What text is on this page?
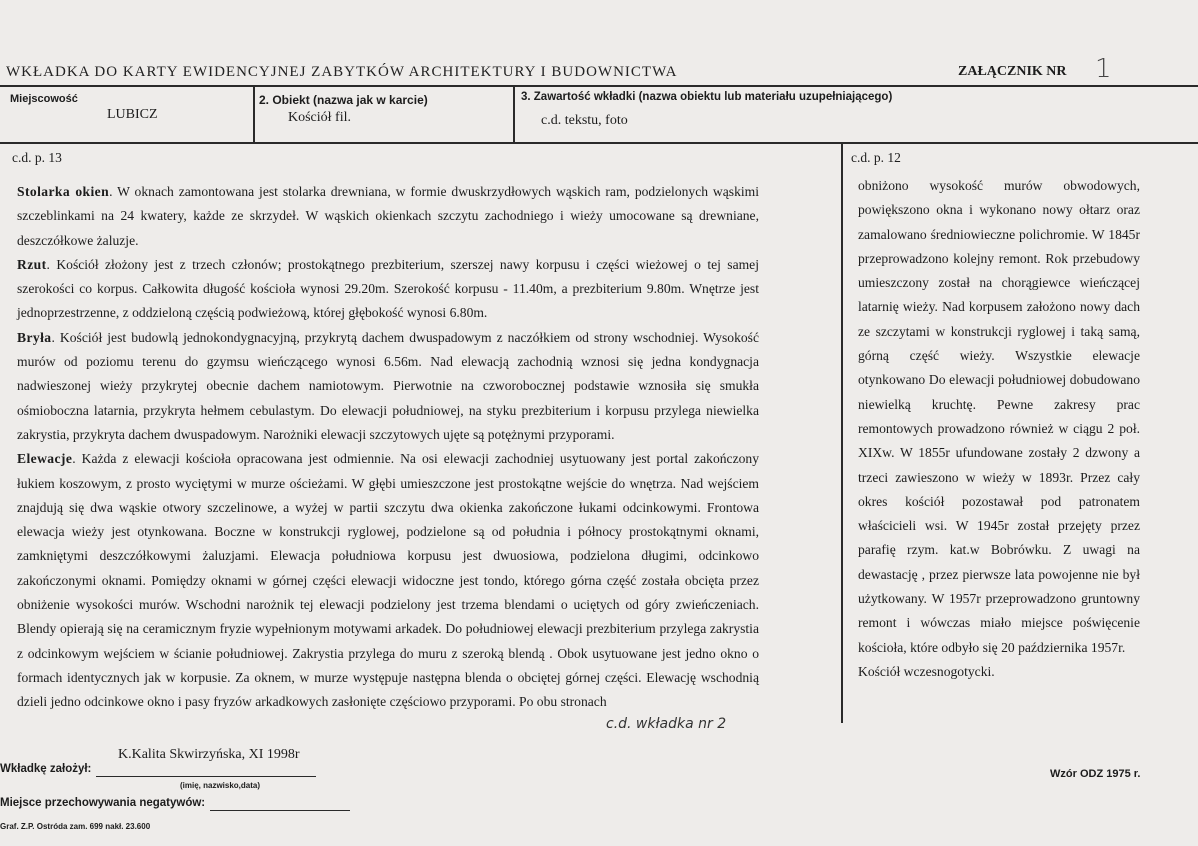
WKŁADKA DO KARTY EWIDENCYJNEJ ZABYTKÓW ARCHITEKTURY I BUDOWNICTWA	ZAŁĄCZNIK NR 1
Miejscowość
LUBICZ
2. Obiekt (nazwa jak w karcie)
Kościół fil.
3. Zawartość wkładki (nazwa obiektu lub materiału uzupełniającego)
c.d. tekstu, foto
c.d. p. 13

Stolarka okien. W oknach zamontowana jest stolarka drewniana, w formie dwuskrzydłowych wąskich ram, podzielonych wąskimi szczeblinkami na 24 kwatery, każde ze skrzydeł. W wąskich okienkach szczytu zachodniego i wieży umocowane są drewniane, deszczółkowe żaluzje.

Rzut. Kościół złożony jest z trzech członów; prostokątnego prezbiterium, szerszej nawy korpusu i części wieżowej o tej samej szerokości co korpus. Całkowita długość kościoła wynosi 29.20m. Szerokość korpusu - 11.40m, a prezbiterium 9.80m. Wnętrze jest jednoprzestrzenne, z oddzieloną częścią podwieżową, której głębokość wynosi 6.80m.

Bryła. Kościół jest budowlą jednokondygnacyjną, przykrytą dachem dwuspadowym z naczółkiem od strony wschodniej. Wysokość murów od poziomu terenu do gzymsu wieńczącego wynosi 6.56m. Nad elewacją zachodnią wznosi się jedna kondygnacja nadwieszonej wieży przykrytej obecnie dachem namiotowym. Pierwotnie na czworobocznej podstawie wznosiła się smukła ośmioboczna latarnia, przykryta hełmem cebulastym. Do elewacji południowej, na styku prezbiterium i korpusu przylega niewielka zakrystia, przykryta dachem dwuspadowym. Narożniki elewacji szczytowych ujęte są potężnymi przyporami.

Elewacje. Każda z elewacji kościoła opracowana jest odmiennie. Na osi elewacji zachodniej usytuowany jest portal zakończony łukiem koszowym, z prosto wyciętymi w murze ościeżami. W głębi umieszczone jest prostokątne wejście do wnętrza. Nad wejściem znajdują się dwa wąskie otwory szczelinowe, a wyżej w partii szczytu dwa okienka zakończone łukami odcinkowymi. Frontowa elewacja wieży jest otynkowana. Boczne w konstrukcji ryglowej, podzielone są od południa i północy prostokątnymi oknami, zamkniętymi deszczółkowymi żaluzjami. Elewacja południowa korpusu jest dwuosiowa, podzielona długimi, odcinkowo zakończonymi oknami. Pomiędzy oknami w górnej części elewacji widoczne jest tondo, którego górna część została obcięta przez obniżenie wysokości murów. Wschodni narożnik tej elewacji podzielony jest trzema blendami o uciętych od góry zwieńczeniach. Blendy opierają się na ceramicznym fryzie wypełnionym motywami arkadek. Do południowej elewacji prezbiterium przylega zakrystia z odcinkowym wejściem w ścianie południowej. Zakrystia przylega do muru z szeroką blendą . Obok usytuowane jest jedno okno o formach identycznych jak w korpusie. Za oknem, w murze występuje następna blenda o obciętej górnej części. Elewację wschodnią dzieli jedno odcinkowe okno i pasy fryzów arkadkowych zasłonięte częściowo przyporami. Po obu stronach

c.d. wkładka nr 2
c.d. p. 12

obniżono wysokość murów obwodowych, powiększono okna i wykonano nowy ołtarz oraz zamalowano średniowieczne polichromie. W 1845r przeprowadzono kolejny remont. Rok przebudowy umieszczony został na chorągiewce wieńczącej latarnię wieży. Nad korpusem założono nowy dach ze szczytami w konstrukcji ryglowej i taką samą, górną część wieży. Wszystkie elewacje otynkowano Do elewacji południowej dobudowano niewielką kruchtę. Pewne zakresy prac remontowych prowadzono również w ciągu 2 poł. XIXw. W 1855r ufundowane zostały 2 dzwony a trzeci zawieszono w wieży w 1893r. Przez cały okres kościół pozostawał pod patronatem właścicieli wsi. W 1945r został przejęty przez parafię rzym. kat.w Bobrówku. Z uwagi na dewastację , przez pierwsze lata powojenne nie był użytkowany. W 1957r przeprowadzono gruntowny remont i wówczas miało miejsce poświęcenie kościoła, które odbyło się 20 października 1957r.

Kościół wczesnogotycki.

Wkładkę założył:
K.Kalita Skwirzyńska, XI 1998r
(imię, nazwisko,data)
Miejsce przechowywania negatywów:
Graf. Z.P. Ostróda zam. 699 nakł. 23.600
Wzór ODZ 1975 r.
